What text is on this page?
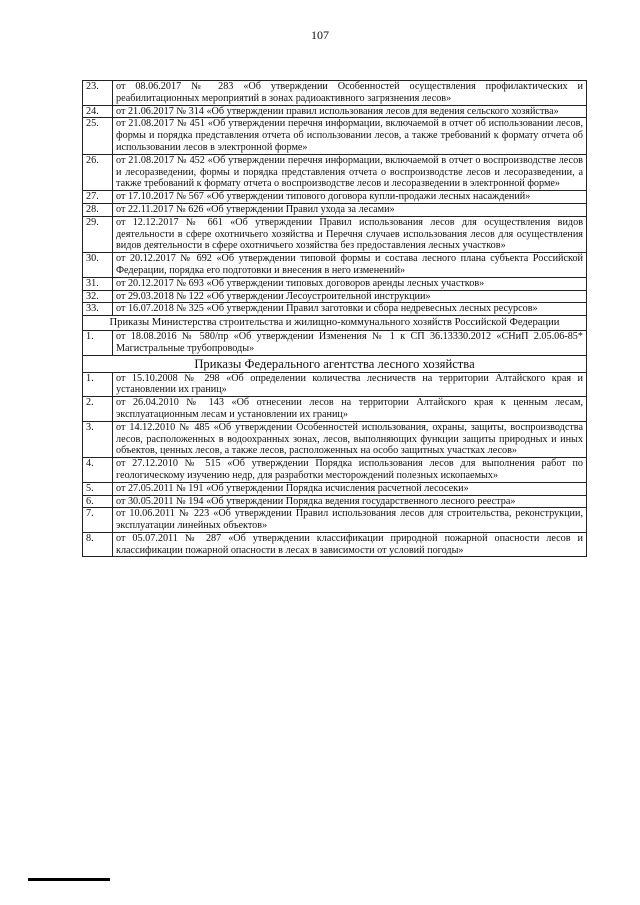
107
23.	от 08.06.2017 № 283 «Об утверждении Особенностей осуществления профилактических и реабилитационных мероприятий в зонах радиоактивного загрязнения лесов»
24.	от 21.06.2017 № 314 «Об утверждении правил использования лесов для ведения сельского хозяйства»
25.	от 21.08.2017 № 451 «Об утверждении перечня информации, включаемой в отчет об использовании лесов, формы и порядка представления отчета об использовании лесов, а также требований к формату отчета об использовании лесов в электронной форме»
26.	от 21.08.2017 № 452 «Об утверждении перечня информации, включаемой в отчет о воспроизводстве лесов и лесоразведении, формы и порядка представления отчета о воспроизводстве лесов и лесоразведении, а также требований к формату отчета о воспроизводстве лесов и лесоразведении в электронной форме»
27.	от 17.10.2017 № 567 «Об утверждении типового договора купли-продажи лесных насаждений»
28.	от 22.11.2017 № 626 «Об утверждении Правил ухода за лесами»
29.	от 12.12.2017 № 661 «Об утверждении Правил использования лесов для осуществления видов деятельности в сфере охотничьего хозяйства и Перечня случаев использования лесов для осуществления видов деятельности в сфере охотничьего хозяйства без предоставления лесных участков»
30.	от 20.12.2017 № 692 «Об утверждении типовой формы и состава лесного плана субъекта Российской Федерации, порядка его подготовки и внесения в него изменений»
31.	от 20.12.2017 № 693 «Об утверждении типовых договоров аренды лесных участков»
32.	от 29.03.2018 № 122 «Об утверждении Лесоустроительной инструкции»
33.	от 16.07.2018 № 325 «Об утверждении Правил заготовки и сбора недревесных лесных ресурсов»
Приказы Министерства строительства и жилищно-коммунального хозяйств Российской Федерации	
1.	от 18.08.2016 № 580/пр «Об утверждении Изменения № 1 к СП 36.13330.2012 «СНиП 2.05.06-85* Магистральные трубопроводы»
Приказы Федерального агентства лесного хозяйства	
1.	от 15.10.2008 № 298 «Об определении количества лесничеств на территории Алтайского края и установлении их границ»
2.	от 26.04.2010 № 143 «Об отнесении лесов на территории Алтайского края к ценным лесам, эксплуатационным лесам и установлении их границ»
3.	от 14.12.2010 № 485 «Об утверждении Особенностей использования, охраны, защиты, воспроизводства лесов, расположенных в водоохранных зонах, лесов, выполняющих функции защиты природных и иных объектов, ценных лесов, а также лесов, расположенных на особо защитных участках лесов»
4.	от 27.12.2010 № 515 «Об утверждении Порядка использования лесов для выполнения работ по геологическому изучению недр, для разработки месторождений полезных ископаемых»
5.	от 27.05.2011 № 191 «Об утверждении Порядка исчисления расчетной лесосеки»
6.	от 30.05.2011 № 194 «Об утверждении Порядка ведения государственного лесного реестра»
7.	от 10.06.2011 № 223 «Об утверждении Правил использования лесов для строительства, реконструкции, эксплуатации линейных объектов»
8.	от 05.07.2011 № 287 «Об утверждении классификации природной пожарной опасности лесов и классификации пожарной опасности в лесах в зависимости от условий погоды»
